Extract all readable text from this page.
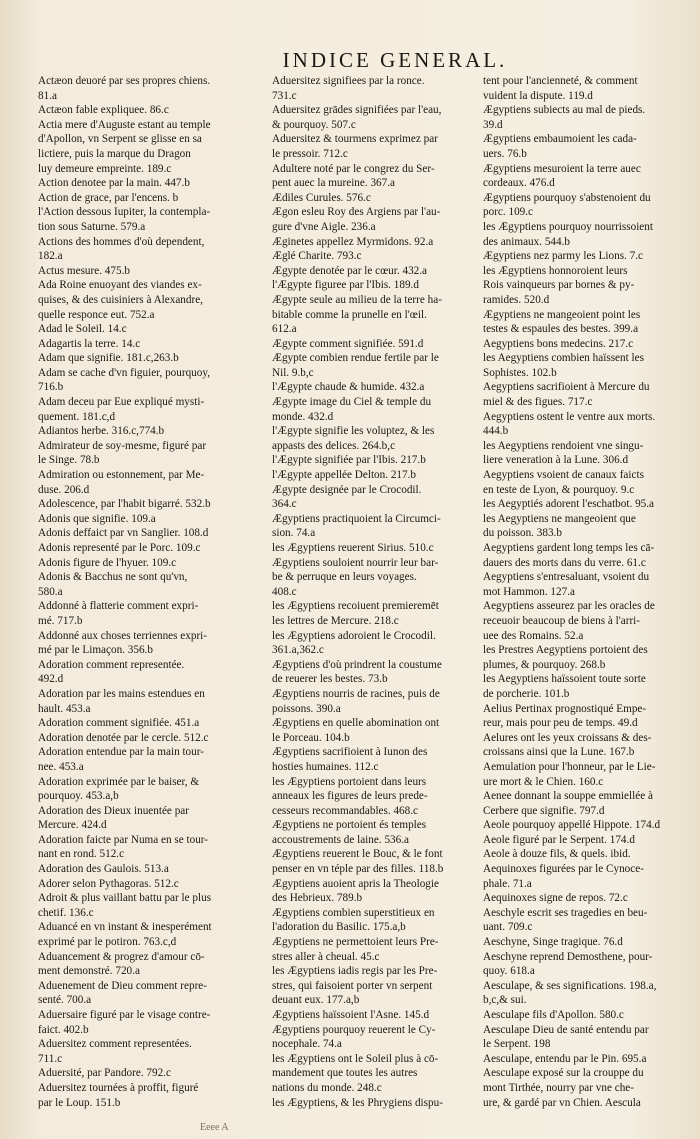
INDICE GENERAL.

Actæon deuoré par ses propres chiens.

81.a

Actæon fable expliquee. 86.c

Actia mere d'Auguste estant au temple

d'Apollon, vn Serpent se glisse en sa

lictiere, puis la marque du Dragon

luy demeure empreinte. 189.c

Action denotee par la main. 447.b

Action de grace, par l'encens. b

l'Action dessous Iupiter, la contempla-

tion sous Saturne. 579.a

Actions des hommes d'où dependent,

182.a

Actus mesure. 475.b

Ada Roine enuoyant des viandes ex-

quises, & des cuisiniers à Alexandre,

quelle responce eut. 752.a

Adad le Soleil. 14.c

Adagartis la terre. 14.c

Adam que signifie. 181.c,263.b

Adam se cache d'vn figuier, pourquoy,

716.b

Adam deceu par Eue expliqué mysti-

quement. 181.c,d

Adiantos herbe. 316.c,774.b

Admirateur de soy-mesme, figuré par

le Singe. 78.b

Admiration ou estonnement, par Me-

duse. 206.d

Adolescence, par l'habit bigarré. 532.b

Adonis que signifie. 109.a

Adonis deffaict par vn Sanglier. 108.d

Adonis representé par le Porc. 109.c

Adonis figure de l'hyuer. 109.c

Adonis & Bacchus ne sont qu'vn,

580.a

Addonné à flatterie comment expri-

mé. 717.b

Addonné aux choses terriennes expri-

mé par le Limaçon. 356.b

Adoration comment representée.

492.d

Adoration par les mains estendues en

hault. 453.a

Adoration comment signifiée. 451.a

Adoration denotée par le cercle. 512.c

Adoration entendue par la main tour-

nee. 453.a

Adoration exprimée par le baiser, &

pourquoy. 453.a,b

Adoration des Dieux inuentée par

Mercure. 424.d

Adoration faicte par Numa en se tour-

nant en rond. 512.c

Adoration des Gaulois. 513.a

Adorer selon Pythagoras. 512.c

Adroit & plus vaillant battu par le plus

chetif. 136.c

Aduancé en vn instant & inesperément

exprimé par le potiron. 763.c,d

Aduancement & progrez d'amour cō-

ment demonstré. 720.a

Aduenement de Dieu comment repre-

senté. 700.a

Aduersaire figuré par le visage contre-

faict. 402.b

Aduersitez comment representées.

711.c

Aduersité, par Pandore. 792.c

Aduersitez tournées à proffit, figuré

par le Loup. 151.b

Aduersitez signifiees par la ronce.

731.c

Aduersitez grādes signifiées par l'eau,

& pourquoy. 507.c

Aduersitez & tourmens exprimez par

le pressoir. 712.c

Adultere noté par le congrez du Ser-

pent auec la mureine. 367.a

Ædiles Curules. 576.c

Ægon esleu Roy des Argiens par l'au-

gure d'vne Aigle. 236.a

Æginetes appellez Myrmidons. 92.a

Æglé Charite. 793.c

Ægypte denotée par le cœur. 432.a

l'Ægypte figuree par l'Ibis. 189.d

Ægypte seule au milieu de la terre ha-

bitable comme la prunelle en l'œil.

612.a

Ægypte comment signifiée. 591.d

Ægypte combien rendue fertile par le

Nil. 9.b,c

l'Ægypte chaude & humide. 432.a

Ægypte image du Ciel & temple du

monde. 432.d

l'Ægypte signifie les voluptez, & les

appasts des delices. 264.b,c

l'Ægypte signifiée par l'Ibis. 217.b

l'Ægypte appellée Delton. 217.b

Ægypte designée par le Crocodil.

364.c

Ægyptiens practiquoient la Circumci-

sion. 74.a

les Ægyptiens reuerent Sirius. 510.c

Ægyptiens souloient nourrir leur bar-

be & perruque en leurs voyages.

408.c

les Ægyptiens recoiuent premieremēt

les lettres de Mercure. 218.c

les Ægyptiens adoroient le Crocodil.

361.a,362.c

Ægyptiens d'où prindrent la coustume

de reuerer les bestes. 73.b

Ægyptiens nourris de racines, puis de

poissons. 390.a

Ægyptiens en quelle abomination ont

le Porceau. 104.b

Ægyptiens sacrifioient à Iunon des

hosties humaines. 112.c

les Ægyptiens portoient dans leurs

anneaux les figures de leurs prede-

cesseurs recommandables. 468.c

Ægyptiens ne portoient és temples

accoustrements de laine. 536.a

Ægyptiens reuerent le Bouc, & le font

penser en vn téple par des filles. 118.b

Ægyptiens auoient apris la Theologie

des Hebrieux. 789.b

Ægyptiens combien superstitieux en

l'adoration du Basilic. 175.a,b

Ægyptiens ne permettoient leurs Pre-

stres aller à cheual. 45.c

les Ægyptiens iadis regis par les Pre-

stres, qui faisoient porter vn serpent

deuant eux. 177.a,b

Ægyptiens haïssoient l'Asne. 145.d

Ægyptiens pourquoy reuerent le Cy-

nocephale. 74.a

les Ægyptiens ont le Soleil plus à cō-

mandement que toutes les autres

nations du monde. 248.c

les Ægyptiens, & les Phrygiens dispu-

tent pour l'ancienneté, & comment

vuident la dispute. 119.d

Ægyptiens subiects au mal de pieds.

39.d

Ægyptiens embaumoient les cada-

uers. 76.b

Ægyptiens mesuroient la terre auec

cordeaux. 476.d

Ægyptiens pourquoy s'abstenoient du

porc. 109.c

les Ægyptiens pourquoy nourrissoient

des animaux. 544.b

Ægyptiens nez parmy les Lions. 7.c

les Ægyptiens honnoroient leurs

Rois vainqueurs par bornes & py-

ramides. 520.d

Ægyptiens ne mangeoient point les

testes & espaules des bestes. 399.a

Aegyptiens bons medecins. 217.c

les Aegyptiens combien haïssent les

Sophistes. 102.b

Aegyptiens sacrifioient à Mercure du

miel & des figues. 717.c

Aegyptiens ostent le ventre aux morts.

444.b

les Aegyptiens rendoient vne singu-

liere veneration à la Lune. 306.d

Aegyptiens vsoient de canaux faicts

en teste de Lyon, & pourquoy. 9.c

les Aegyptiés adorent l'eschatbot. 95.a

les Aegyptiens ne mangeoient que

du poisson. 383.b

Aegyptiens gardent long temps les cā-

dauers des morts dans du verre. 61.c

Aegyptiens s'entresaluant, vsoient du

mot Hammon. 127.a

Aegyptiens asseurez par les oracles de

receuoir beaucoup de biens à l'arri-

uee des Romains. 52.a

les Prestres Aegyptiens portoient des

plumes, & pourquoy. 268.b

les Aegyptiens haïssoient toute sorte

de porcherie. 101.b

Aelius Pertinax prognostiqué Empe-

reur, mais pour peu de temps. 49.d

Aelures ont les yeux croissans & des-

croissans ainsi que la Lune. 167.b

Aemulation pour l'honneur, par le Lie-

ure mort & le Chien. 160.c

Aenee donnant la souppe emmiellée à

Cerbere que signifie. 797.d

Aeole pourquoy appellé Hippote. 174.d

Aeole figuré par le Serpent. 174.d

Aeole à douze fils, & quels. ibid.

Aequinoxes figurées par le Cynoce-

phale. 71.a

Aequinoxes signe de repos. 72.c

Aeschyle escrit ses tragedies en beu-

uant. 709.c

Aeschyne, Singe tragique. 76.d

Aeschyne reprend Demosthene, pour-

quoy. 618.a

Aesculape, & ses significations. 198.a,

b,c,& sui.

Aesculape fils d'Apollon. 580.c

Aesculape Dieu de santé entendu par

le Serpent. 198

Aesculape, entendu par le Pin. 695.a

Aesculape exposé sur la crouppe du

mont Tirthée, nourry par vne che-

ure, & gardé par vn Chien. Aescula

Eeee A
